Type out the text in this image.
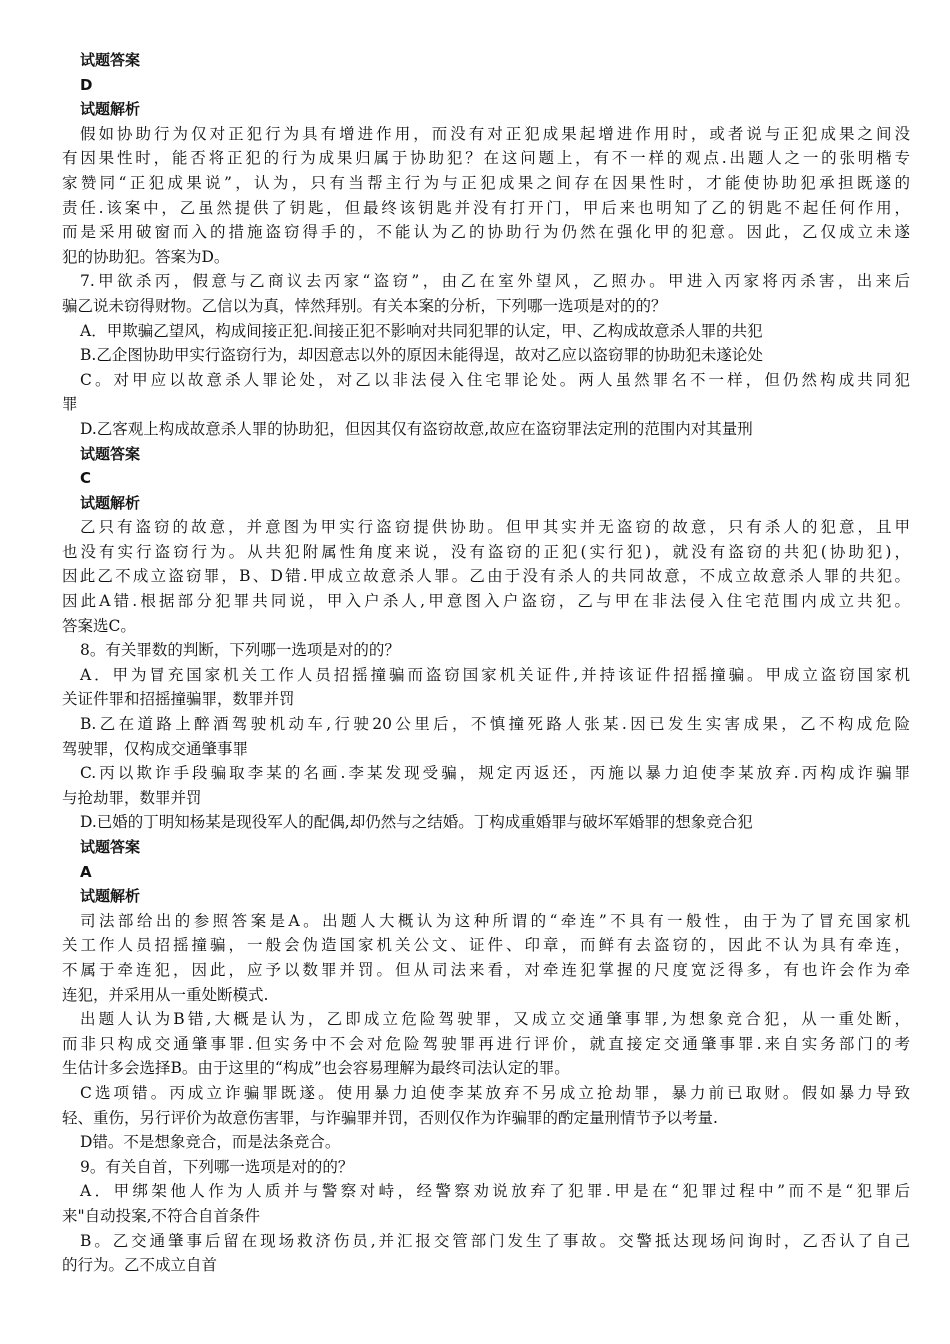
试题答案
D
试题解析
假如协助行为仅对正犯行为具有增进作用，而没有对正犯成果起增进作用时，或者说与正犯成果之间没
有因果性时，能否将正犯的行为成果归属于协助犯？在这问题上，有不一样的观点.出题人之一的张明楷专
家赞同“正犯成果说”，认为，只有当帮主行为与正犯成果之间存在因果性时，才能使协助犯承担既遂的
责任.该案中，乙虽然提供了钥匙，但最终该钥匙并没有打开门，甲后来也明知了乙的钥匙不起任何作用，
而是采用破窗而入的措施盗窃得手的，不能认为乙的协助行为仍然在强化甲的犯意。因此，乙仅成立未遂
犯的协助犯。答案为D。
7.甲欲杀丙，假意与乙商议去丙家“盗窃”，由乙在室外望风，乙照办。甲进入丙家将丙杀害，出来后
骗乙说未窃得财物。乙信以为真，悻然拜别。有关本案的分析，下列哪一选项是对的的？
A．甲欺骗乙望风，构成间接正犯.间接正犯不影响对共同犯罪的认定，甲、乙构成故意杀人罪的共犯
B.乙企图协助甲实行盗窃行为，却因意志以外的原因未能得逞，故对乙应以盗窃罪的协助犯未遂论处
C。对甲应以故意杀人罪论处，对乙以非法侵入住宅罪论处。两人虽然罪名不一样，但仍然构成共同犯
罪
D.乙客观上构成故意杀人罪的协助犯，但因其仅有盗窃故意,故应在盗窃罪法定刑的范围内对其量刑
试题答案
C
试题解析
乙只有盗窃的故意，并意图为甲实行盗窃提供协助。但甲其实并无盗窃的故意，只有杀人的犯意，且甲
也没有实行盗窃行为。从共犯附属性角度来说，没有盗窃的正犯(实行犯)，就没有盗窃的共犯(协助犯)，
因此乙不成立盗窃罪，B、D错.甲成立故意杀人罪。乙由于没有杀人的共同故意，不成立故意杀人罪的共犯。
因此A错.根据部分犯罪共同说，甲入户杀人,甲意图入户盗窃，乙与甲在非法侵入住宅范围内成立共犯。
答案选C。
8。有关罪数的判断，下列哪一选项是对的的？
A．甲为冒充国家机关工作人员招摇撞骗而盗窃国家机关证件,并持该证件招摇撞骗。甲成立盗窃国家机
关证件罪和招摇撞骗罪，数罪并罚
B.乙在道路上醉酒驾驶机动车,行驶20公里后，不慎撞死路人张某.因已发生实害成果，乙不构成危险
驾驶罪，仅构成交通肇事罪
C.丙以欺诈手段骗取李某的名画.李某发现受骗，规定丙返还，丙施以暴力迫使李某放弃.丙构成诈骗罪
与抢劫罪，数罪并罚
D.已婚的丁明知杨某是现役军人的配偶,却仍然与之结婚。丁构成重婚罪与破坏军婚罪的想象竞合犯
试题答案
A
试题解析
司法部给出的参照答案是A。出题人大概认为这种所谓的“牵连”不具有一般性，由于为了冒充国家机
关工作人员招摇撞骗，一般会伪造国家机关公文、证件、印章，而鲜有去盗窃的，因此不认为具有牵连，
不属于牵连犯，因此，应予以数罪并罚。但从司法来看，对牵连犯掌握的尺度宽泛得多，有也许会作为牵
连犯，并采用从一重处断模式.
出题人认为B错,大概是认为，乙即成立危险驾驶罪，又成立交通肇事罪,为想象竞合犯，从一重处断，
而非只构成交通肇事罪.但实务中不会对危险驾驶罪再进行评价，就直接定交通肇事罪.来自实务部门的考
生估计多会选择B。由于这里的“构成”也会容易理解为最终司法认定的罪。
C选项错。丙成立诈骗罪既遂。使用暴力迫使李某放弃不另成立抢劫罪，暴力前已取财。假如暴力导致
轻、重伤，另行评价为故意伤害罪，与诈骗罪并罚，否则仅作为诈骗罪的酌定量刑情节予以考量.
D错。不是想象竞合，而是法条竞合。
9。有关自首，下列哪一选项是对的的？
A．甲绑架他人作为人质并与警察对峙，经警察劝说放弃了犯罪.甲是在“犯罪过程中”而不是“犯罪后
来"自动投案,不符合自首条件
B。乙交通肇事后留在现场救济伤员,并汇报交管部门发生了事故。交警抵达现场问询时，乙否认了自己
的行为。乙不成立自首
